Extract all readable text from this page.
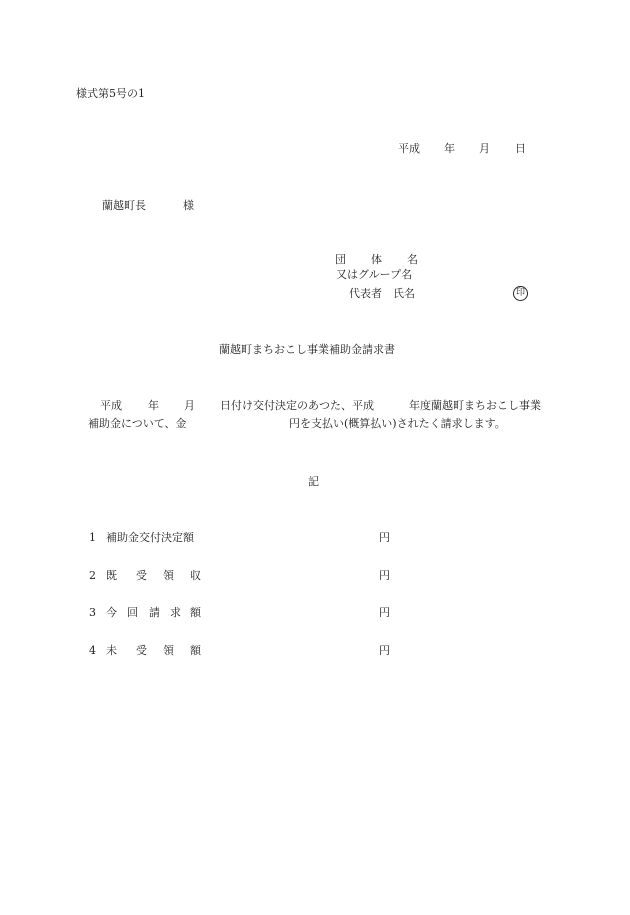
様式第5号の1
平成 年 月 日
蘭越町長	様
団 体 名
又はグループ名
代表者　氏名	印
蘭越町まちおこし事業補助金請求書
平成 年 月 日付け交付決定のあつた、平成	年度蘭越町まちおこし事業
補助金について、金	円を支払い(概算払い)されたく請求します。
記
1 補助金交付決定額	円
2 既 受 領 収	円
3 今 回 請 求 額	円
4 未 受 領 額	円
